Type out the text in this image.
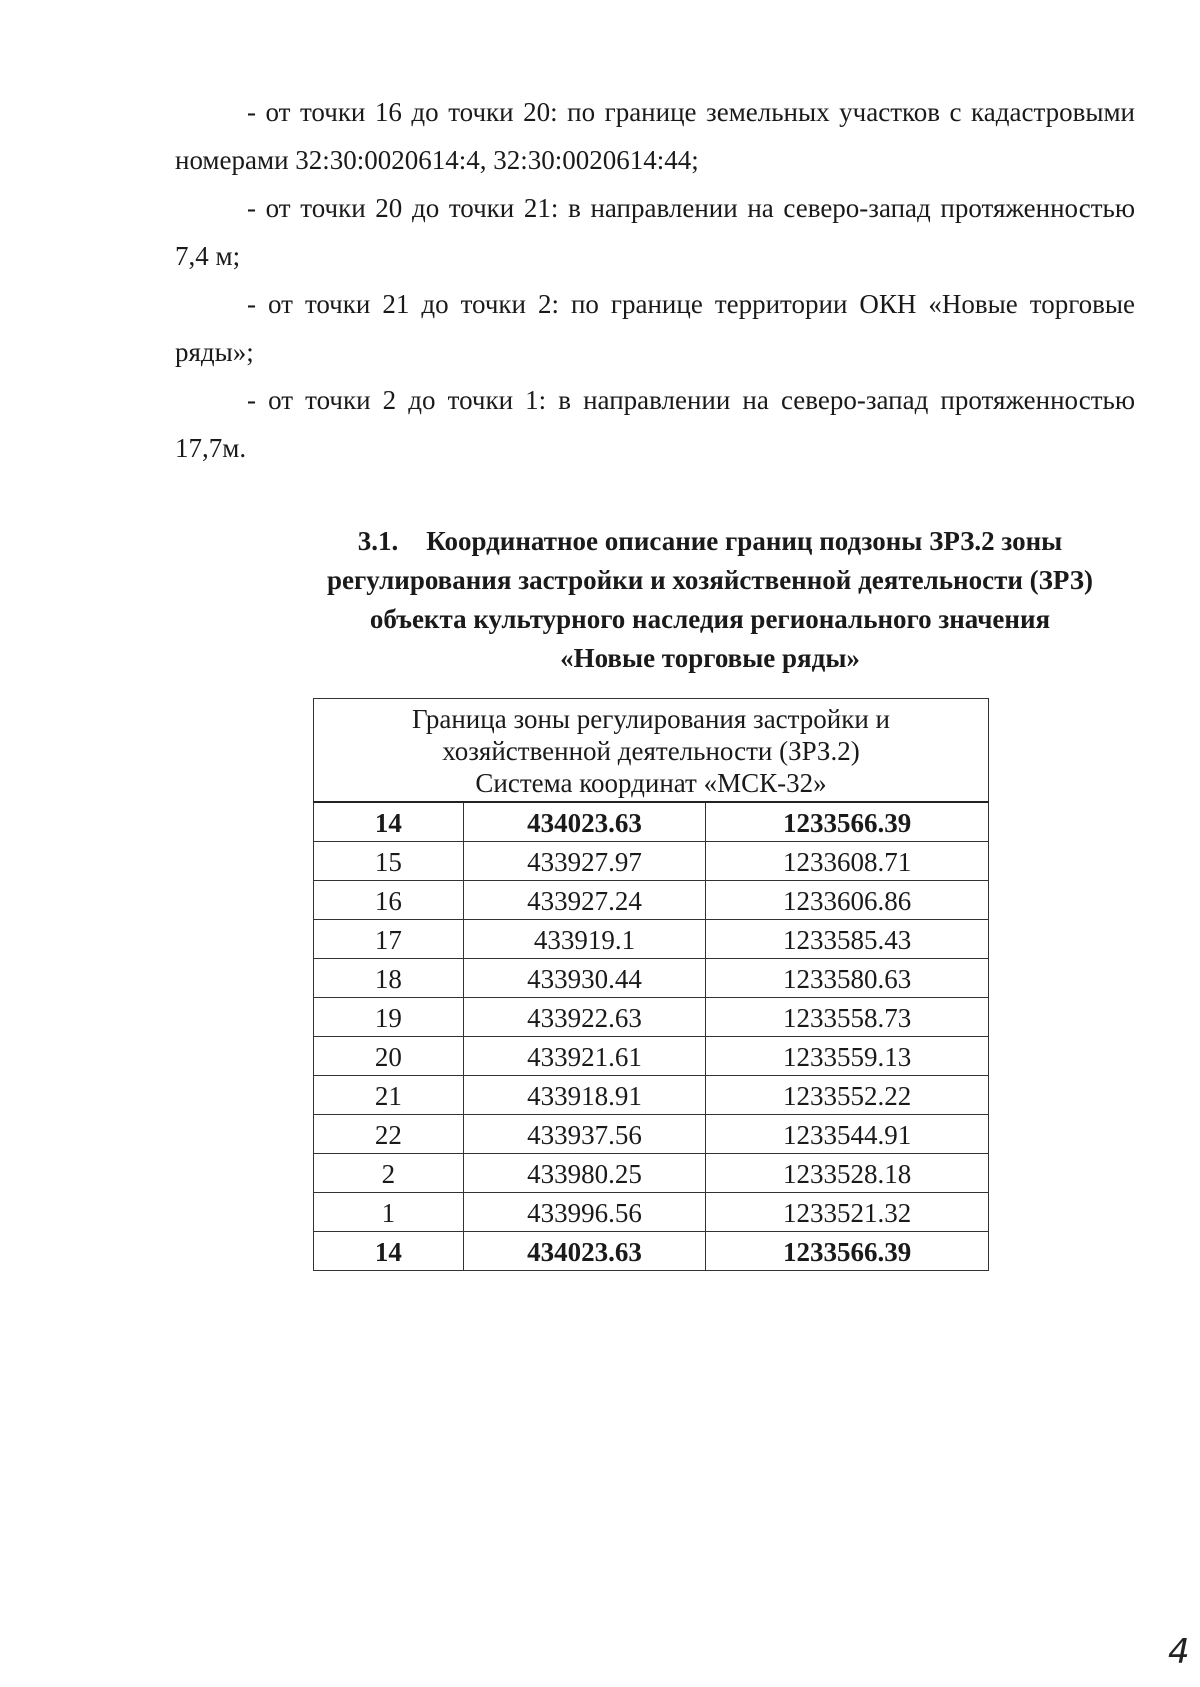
- от точки 16 до точки 20: по границе земельных участков с кадастровыми
номерами 32:30:0020614:4, 32:30:0020614:44;

- от точки 20 до точки 21: в направлении на северо-запад протяженностью
7,4 м;

- от точки 21 до точки 2: по границе территории ОКН «Новые торговые
ряды»;

- от точки 2 до точки 1: в направлении на северо-запад протяженностью
17,7м.

3.1. Координатное описание границ подзоны ЗРЗ.2 зоны
регулирования застройки и хозяйственной деятельности (ЗРЗ)
объекта культурного наследия регионального значения
«Новые торговые ряды»
Граница зоны регулирования застройки и
хозяйственной деятельности (ЗРЗ.2)
Система координат «МСК-32»		

14	434023.63	1233566.39
15	433927.97	1233608.71
16	433927.24	1233606.86
17	433919.1	1233585.43
18	433930.44	1233580.63
19	433922.63	1233558.73
20	433921.61	1233559.13
21	433918.91	1233552.22
22	433937.56	1233544.91
2	433980.25	1233528.18
1	433996.56	1233521.32
14	434023.63	1233566.39
4
